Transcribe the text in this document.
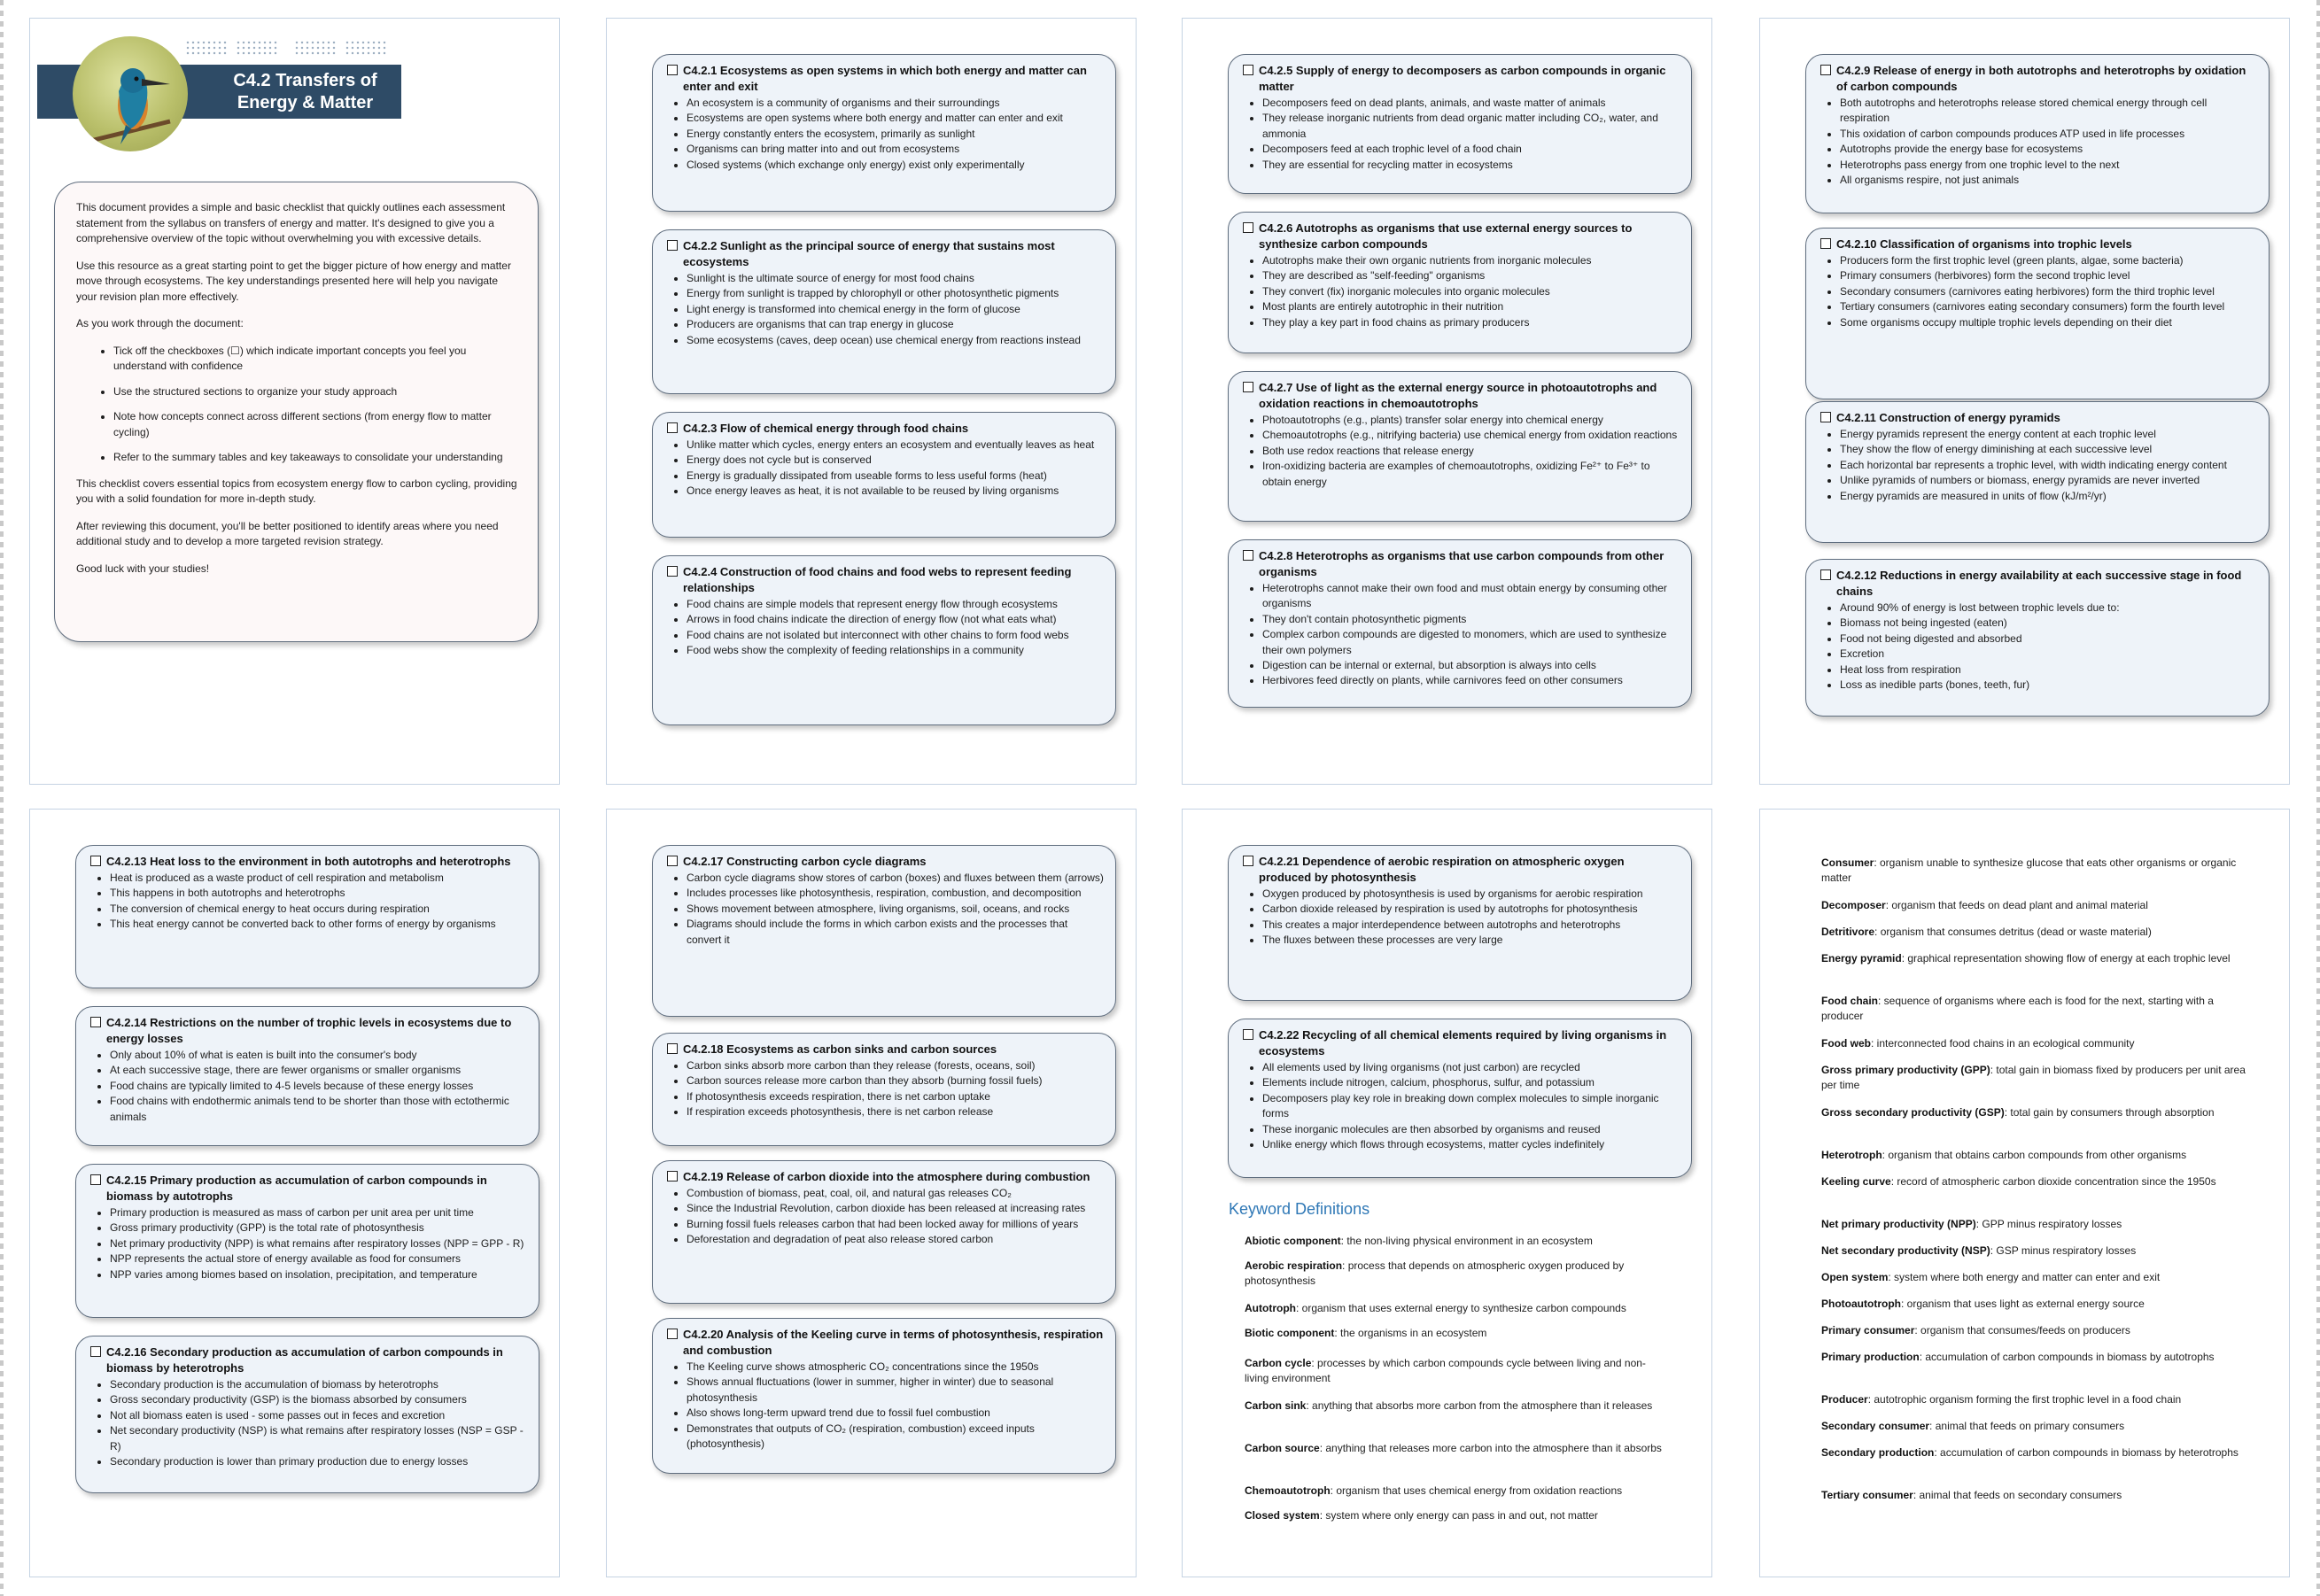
C4.2 Transfers of
Energy & Matter

This document provides a simple and basic checklist that quickly outlines each assessment statement from the syllabus on transfers of energy and matter. It's designed to give you a comprehensive overview of the topic without overwhelming you with excessive details.

Use this resource as a great starting point to get the bigger picture of how energy and matter move through ecosystems. The key understandings presented here will help you navigate your revision plan more effectively.

As you work through the document:

• Tick off the checkboxes (☐) which indicate important concepts you feel you understand with confidence
• Use the structured sections to organize your study approach
• Note how concepts connect across different sections (from energy flow to matter cycling)
• Refer to the summary tables and key takeaways to consolidate your understanding

This checklist covers essential topics from ecosystem energy flow to carbon cycling, providing you with a solid foundation for more in-depth study.

After reviewing this document, you'll be better positioned to identify areas where you need additional study and to develop a more targeted revision strategy.

Good luck with your studies!

C4.2.1 Ecosystems as open systems in which both energy and matter can enter and exit
• An ecosystem is a community of organisms and their surroundings
• Ecosystems are open systems where both energy and matter can enter and exit
• Energy constantly enters the ecosystem, primarily as sunlight
• Organisms can bring matter into and out from ecosystems
• Closed systems (which exchange only energy) exist only experimentally
C4.2.2 Sunlight as the principal source of energy that sustains most ecosystems
• Sunlight is the ultimate source of energy for most food chains
• Energy from sunlight is trapped by chlorophyll or other photosynthetic pigments
• Light energy is transformed into chemical energy in the form of glucose
• Producers are organisms that can trap energy in glucose
• Some ecosystems (caves, deep ocean) use chemical energy from reactions instead
C4.2.3 Flow of chemical energy through food chains
• Unlike matter which cycles, energy enters an ecosystem and eventually leaves as heat
• Energy does not cycle but is conserved
• Energy is gradually dissipated from useable forms to less useful forms (heat)
• Once energy leaves as heat, it is not available to be reused by living organisms
C4.2.4 Construction of food chains and food webs to represent feeding relationships
• Food chains are simple models that represent energy flow through ecosystems
• Arrows in food chains indicate the direction of energy flow (not what eats what)
• Food chains are not isolated but interconnect with other chains to form food webs
• Food webs show the complexity of feeding relationships in a community
C4.2.5 Supply of energy to decomposers as carbon compounds in organic matter
• Decomposers feed on dead plants, animals, and waste matter of animals
• They release inorganic nutrients from dead organic matter including CO₂, water, and ammonia
• Decomposers feed at each trophic level of a food chain
• They are essential for recycling matter in ecosystems
C4.2.6 Autotrophs as organisms that use external energy sources to synthesize carbon compounds
• Autotrophs make their own organic nutrients from inorganic molecules
• They are described as "self-feeding" organisms
• They convert (fix) inorganic molecules into organic molecules
• Most plants are entirely autotrophic in their nutrition
• They play a key part in food chains as primary producers
C4.2.7 Use of light as the external energy source in photoautotrophs and oxidation reactions in chemoautotrophs
• Photoautotrophs (e.g., plants) transfer solar energy into chemical energy
• Chemoautotrophs (e.g., nitrifying bacteria) use chemical energy from oxidation reactions
• Both use redox reactions that release energy
• Iron-oxidizing bacteria are examples of chemoautotrophs, oxidizing Fe²⁺ to Fe³⁺ to obtain energy
C4.2.8 Heterotrophs as organisms that use carbon compounds from other organisms
• Heterotrophs cannot make their own food and must obtain energy by consuming other organisms
• They don't contain photosynthetic pigments
• Complex carbon compounds are digested to monomers, which are used to synthesize their own polymers
• Digestion can be internal or external, but absorption is always into cells
• Herbivores feed directly on plants, while carnivores feed on other consumers
C4.2.9 Release of energy in both autotrophs and heterotrophs by oxidation of carbon compounds
• Both autotrophs and heterotrophs release stored chemical energy through cell respiration
• This oxidation of carbon compounds produces ATP used in life processes
• Autotrophs provide the energy base for ecosystems
• Heterotrophs pass energy from one trophic level to the next
• All organisms respire, not just animals
C4.2.10 Classification of organisms into trophic levels
• Producers form the first trophic level (green plants, algae, some bacteria)
• Primary consumers (herbivores) form the second trophic level
• Secondary consumers (carnivores eating herbivores) form the third trophic level
• Tertiary consumers (carnivores eating secondary consumers) form the fourth level
• Some organisms occupy multiple trophic levels depending on their diet
C4.2.11 Construction of energy pyramids
• Energy pyramids represent the energy content at each trophic level
• They show the flow of energy diminishing at each successive level
• Each horizontal bar represents a trophic level, with width indicating energy content
• Unlike pyramids of numbers or biomass, energy pyramids are never inverted
• Energy pyramids are measured in units of flow (kJ/m²/yr)
C4.2.12 Reductions in energy availability at each successive stage in food chains
• Around 90% of energy is lost between trophic levels due to:
• Biomass not being ingested (eaten)
• Food not being digested and absorbed
• Excretion
• Heat loss from respiration
• Loss as inedible parts (bones, teeth, fur)
C4.2.13 Heat loss to the environment in both autotrophs and heterotrophs
• Heat is produced as a waste product of cell respiration and metabolism
• This happens in both autotrophs and heterotrophs
• The conversion of chemical energy to heat occurs during respiration
• This heat energy cannot be converted back to other forms of energy by organisms
C4.2.14 Restrictions on the number of trophic levels in ecosystems due to energy losses
• Only about 10% of what is eaten is built into the consumer's body
• At each successive stage, there are fewer organisms or smaller organisms
• Food chains are typically limited to 4-5 levels because of these energy losses
• Food chains with endothermic animals tend to be shorter than those with ectothermic animals
C4.2.15 Primary production as accumulation of carbon compounds in biomass by autotrophs
• Primary production is measured as mass of carbon per unit area per unit time
• Gross primary productivity (GPP) is the total rate of photosynthesis
• Net primary productivity (NPP) is what remains after respiratory losses (NPP = GPP - R)
• NPP represents the actual store of energy available as food for consumers
• NPP varies among biomes based on insolation, precipitation, and temperature
C4.2.16 Secondary production as accumulation of carbon compounds in biomass by heterotrophs
• Secondary production is the accumulation of biomass by heterotrophs
• Gross secondary productivity (GSP) is the biomass absorbed by consumers
• Not all biomass eaten is used - some passes out in feces and excretion
• Net secondary productivity (NSP) is what remains after respiratory losses (NSP = GSP - R)
• Secondary production is lower than primary production due to energy losses
C4.2.17 Constructing carbon cycle diagrams
• Carbon cycle diagrams show stores of carbon (boxes) and fluxes between them (arrows)
• Includes processes like photosynthesis, respiration, combustion, and decomposition
• Shows movement between atmosphere, living organisms, soil, oceans, and rocks
• Diagrams should include the forms in which carbon exists and the processes that convert it
C4.2.18 Ecosystems as carbon sinks and carbon sources
• Carbon sinks absorb more carbon than they release (forests, oceans, soil)
• Carbon sources release more carbon than they absorb (burning fossil fuels)
• If photosynthesis exceeds respiration, there is net carbon uptake
• If respiration exceeds photosynthesis, there is net carbon release
C4.2.19 Release of carbon dioxide into the atmosphere during combustion
• Combustion of biomass, peat, coal, oil, and natural gas releases CO₂
• Since the Industrial Revolution, carbon dioxide has been released at increasing rates
• Burning fossil fuels releases carbon that had been locked away for millions of years
• Deforestation and degradation of peat also release stored carbon
C4.2.20 Analysis of the Keeling curve in terms of photosynthesis, respiration and combustion
• The Keeling curve shows atmospheric CO₂ concentrations since the 1950s
• Shows annual fluctuations (lower in summer, higher in winter) due to seasonal photosynthesis
• Also shows long-term upward trend due to fossil fuel combustion
• Demonstrates that outputs of CO₂ (respiration, combustion) exceed inputs (photosynthesis)
C4.2.21 Dependence of aerobic respiration on atmospheric oxygen produced by photosynthesis
• Oxygen produced by photosynthesis is used by organisms for aerobic respiration
• Carbon dioxide released by respiration is used by autotrophs for photosynthesis
• This creates a major interdependence between autotrophs and heterotrophs
• The fluxes between these processes are very large
C4.2.22 Recycling of all chemical elements required by living organisms in ecosystems
• All elements used by living organisms (not just carbon) are recycled
• Elements include nitrogen, calcium, phosphorus, sulfur, and potassium
• Decomposers play key role in breaking down complex molecules to simple inorganic forms
• These inorganic molecules are then absorbed by organisms and reused
• Unlike energy which flows through ecosystems, matter cycles indefinitely
Keyword Definitions
Abiotic component: the non-living physical environment in an ecosystem
Aerobic respiration: process that depends on atmospheric oxygen produced by photosynthesis
Autotroph: organism that uses external energy to synthesize carbon compounds
Biotic component: the organisms in an ecosystem
Carbon cycle: processes by which carbon compounds cycle between living and non-living environment
Carbon sink: anything that absorbs more carbon from the atmosphere than it releases
Carbon source: anything that releases more carbon into the atmosphere than it absorbs
Chemoautotroph: organism that uses chemical energy from oxidation reactions
Closed system: system where only energy can pass in and out, not matter
Consumer: organism unable to synthesize glucose that eats other organisms or organic matter
Decomposer: organism that feeds on dead plant and animal material
Detritivore: organism that consumes detritus (dead or waste material)
Energy pyramid: graphical representation showing flow of energy at each trophic level
Food chain: sequence of organisms where each is food for the next, starting with a producer
Food web: interconnected food chains in an ecological community
Gross primary productivity (GPP): total gain in biomass fixed by producers per unit area per time
Gross secondary productivity (GSP): total gain by consumers through absorption
Heterotroph: organism that obtains carbon compounds from other organisms
Keeling curve: record of atmospheric carbon dioxide concentration since the 1950s
Net primary productivity (NPP): GPP minus respiratory losses
Net secondary productivity (NSP): GSP minus respiratory losses
Open system: system where both energy and matter can enter and exit
Photoautotroph: organism that uses light as external energy source
Primary consumer: organism that consumes/feeds on producers
Primary production: accumulation of carbon compounds in biomass by autotrophs
Producer: autotrophic organism forming the first trophic level in a food chain
Secondary consumer: animal that feeds on primary consumers
Secondary production: accumulation of carbon compounds in biomass by heterotrophs
Tertiary consumer: animal that feeds on secondary consumers
